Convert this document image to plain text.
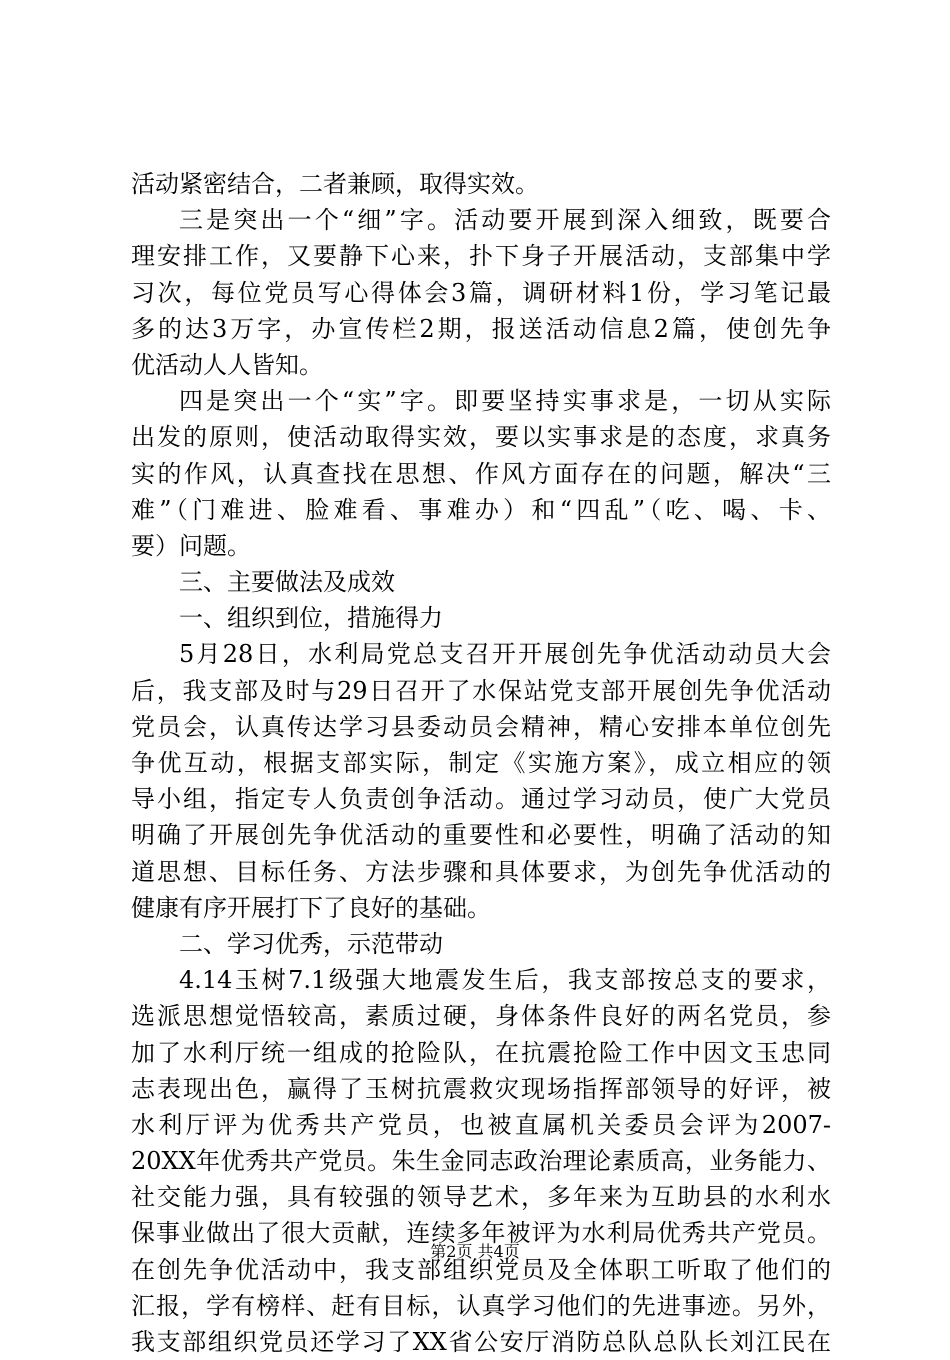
活动紧密结合，二者兼顾，取得实效。
三是突出一个“细”字。活动要开展到深入细致，既要合
理安排工作，又要静下心来，扑下身子开展活动，支部集中学
习次，每位党员写心得体会3篇，调研材料1份，学习笔记最
多的达3万字，办宣传栏2期，报送活动信息2篇，使创先争
优活动人人皆知。
四是突出一个“实”字。即要坚持实事求是，一切从实际
出发的原则，使活动取得实效，要以实事求是的态度，求真务
实的作风，认真查找在思想、作风方面存在的问题，解决“三
难”（门难进、脸难看、事难办）和“四乱”（吃、喝、卡、
要）问题。
三、主要做法及成效
一、组织到位，措施得力
5月28日，水利局党总支召开开展创先争优活动动员大会
后，我支部及时与29日召开了水保站党支部开展创先争优活动
党员会，认真传达学习县委动员会精神，精心安排本单位创先
争优互动，根据支部实际，制定《实施方案》，成立相应的领
导小组，指定专人负责创争活动。通过学习动员，使广大党员
明确了开展创先争优活动的重要性和必要性，明确了活动的知
道思想、目标任务、方法步骤和具体要求，为创先争优活动的
健康有序开展打下了良好的基础。
二、学习优秀，示范带动
4.14玉树7.1级强大地震发生后，我支部按总支的要求，
选派思想觉悟较高，素质过硬，身体条件良好的两名党员，参
加了水利厅统一组成的抢险队，在抗震抢险工作中因文玉忠同
志表现出色，赢得了玉树抗震救灾现场指挥部领导的好评，被
水利厅评为优秀共产党员，也被直属机关委员会评为2007-
20XX年优秀共产党员。朱生金同志政治理论素质高，业务能力、
社交能力强，具有较强的领导艺术，多年来为互助县的水利水
保事业做出了很大贡献，连续多年被评为水利局优秀共产党员。
在创先争优活动中，我支部组织党员及全体职工听取了他们的
汇报，学有榜样、赶有目标，认真学习他们的先进事迹。另外，
我支部组织党员还学习了XX省公安厅消防总队总队长刘江民在
第2页 共4页
